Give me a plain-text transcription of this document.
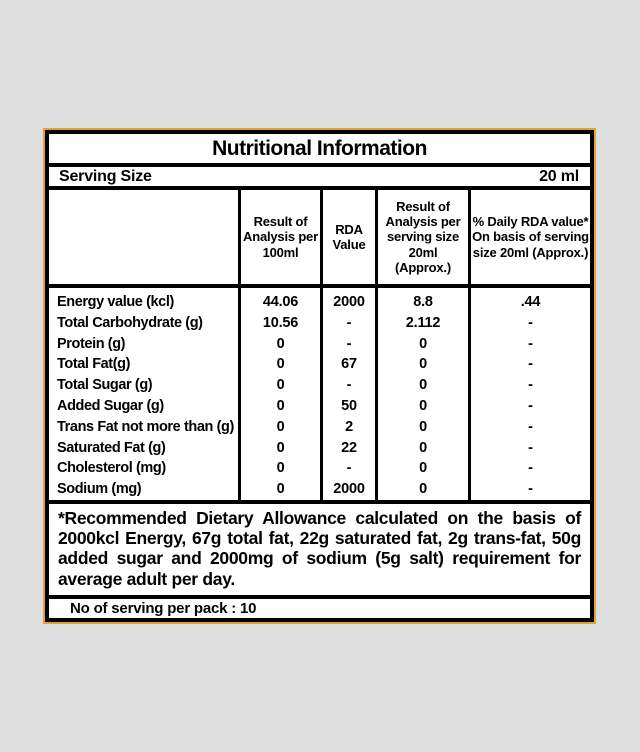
Nutritional Information
Serving Size	20 ml
Result of Analysis per 100ml
RDA Value
Result of Analysis per serving size 20ml (Approx.)
% Daily RDA value* On basis of serving size 20ml (Approx.)
Energy value (kcl)
Total Carbohydrate (g)
Protein (g)
Total Fat(g)
Total Sugar (g)
Added Sugar (g)
Trans Fat not more than (g)
Saturated Fat (g)
Cholesterol (mg)
Sodium (mg)
44.06
10.56
0
0
0
0
0
0
0
0
2000
-
-
67
-
50
2
22
-
2000
8.8
2.112
0
0
0
0
0
0
0
0
.44
-
-
-
-
-
-
-
-
-
*Recommended Dietary Allowance calculated on the basis of 2000kcl Energy, 67g total fat, 22g saturated fat, 2g trans-fat, 50g added sugar and 2000mg of sodium (5g salt) requirement for average adult per day.
No of serving per pack : 10
